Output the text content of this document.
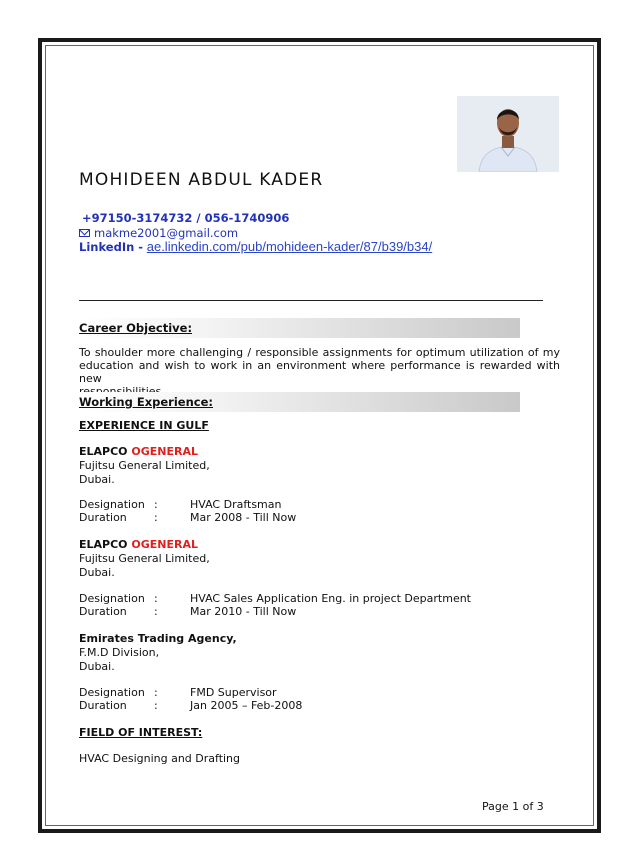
MOHIDEEN ABDUL KADER
+97150-3174732 / 056-1740906
makme2001@gmail.com
LinkedIn - ae.linkedin.com/pub/mohideen-kader/87/b39/b34/
Career Objective:
To shoulder more challenging / responsible assignments for optimum utilization of my
education and wish to work in an environment where performance is rewarded with new
Working Experience:
EXPERIENCE IN GULF
ELAPCO OGENERAL
Fujitsu General Limited,
Dubai.
Designation :	HVAC Draftsman
Duration :	Mar 2008 - Till Now
ELAPCO OGENERAL
Fujitsu General Limited,
Dubai.
Designation :	HVAC Sales Application Eng. in project Department
Duration :	Mar 2010 - Till Now
Emirates Trading Agency,
F.M.D Division,
Dubai.
Designation :	FMD Supervisor
Duration :	Jan 2005 – Feb-2008
FIELD OF INTEREST:
HVAC Designing and Drafting
Page 1 of 3
